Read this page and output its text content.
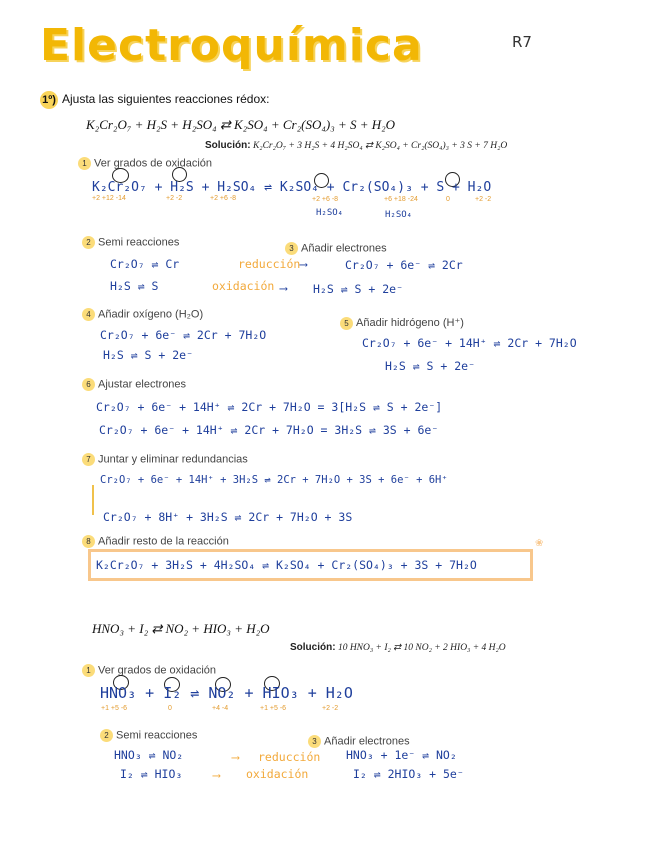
Electroquímica	R7
1º) Ajusta las siguientes reacciones rédox:
K₂Cr₂O₇ + H₂S + H₂SO₄ ⇄ K₂SO₄ + Cr₂(SO₄)₃ + S + H₂O
Solución: K₂Cr₂O₇ + 3 H₂S + 4 H₂SO₄ ⇄ K₂SO₄ + Cr₂(SO₄)₃ + 3 S + 7 H₂O
1 Ver grados de oxidación
K₂Cr₂O₇ + H₂S + H₂SO₄ ⇌ K₂SO₄ + Cr₂(SO₄)₃ + S + H₂O
+2 +12 -14	+2 -2	+2 +6 -8	+2 +6 -8	+6 +18 -24	0	+2 -2
H₂SO₄	H₂SO₄
2 Semi reacciones
3 Añadir electrones
Cr₂O₇ ⇌ Cr	reducción ⟶	Cr₂O₇ + 6e⁻ ⇌ 2Cr
H₂S ⇌ S	oxidación ⟶ H₂S ⇌ S + 2e⁻
4 Añadir oxígeno (H₂O)
Cr₂O₇ + 6e⁻ ⇌ 2Cr + 7H₂O
H₂S ⇌ S + 2e⁻
5 Añadir hidrógeno (H⁺)
Cr₂O₇ + 6e⁻ + 14H⁺ ⇌ 2Cr + 7H₂O
H₂S ⇌ S + 2e⁻
6 Ajustar electrones
Cr₂O₇ + 6e⁻ + 14H⁺ ⇌ 2Cr + 7H₂O = 3[H₂S ⇌ S + 2e⁻]
Cr₂O₇ + 6e⁻ + 14H⁺ ⇌ 2Cr + 7H₂O = 3H₂S ⇌ 3S + 6e⁻
7 Juntar y eliminar redundancias
Cr₂O₇ + 6e⁻ + 14H⁺ + 3H₂S ⇌ 2Cr + 7H₂O + 3S + 6e⁻ + 6H⁺
Cr₂O₇ + 8H⁺ + 3H₂S ⇌ 2Cr + 7H₂O + 3S
8 Añadir resto de la reacción
K₂Cr₂O₇ + 3H₂S + 4H₂SO₄ ⇌ K₂SO₄ + Cr₂(SO₄)₃ + 3S + 7H₂O
❀
HNO₃ + I₂ ⇄ NO₂ + HIO₃ + H₂O
Solución: 10 HNO₃ + I₂ ⇄ 10 NO₂ + 2 HIO₃ + 4 H₂O
1 Ver grados de oxidación
HNO₃ + I₂ ⇌ NO₂ + HIO₃ + H₂O
+1 +5 -6	0	+4 -4	+1 +5 -6	+2 -2
2 Semi reacciones
3 Añadir electrones
HNO₃ ⇌ NO₂	⟶ reducción HNO₃ + 1e⁻ ⇌ NO₂
I₂ ⇌ HIO₃	⟶ oxidación	I₂ ⇌ 2HIO₃ + 5e⁻
